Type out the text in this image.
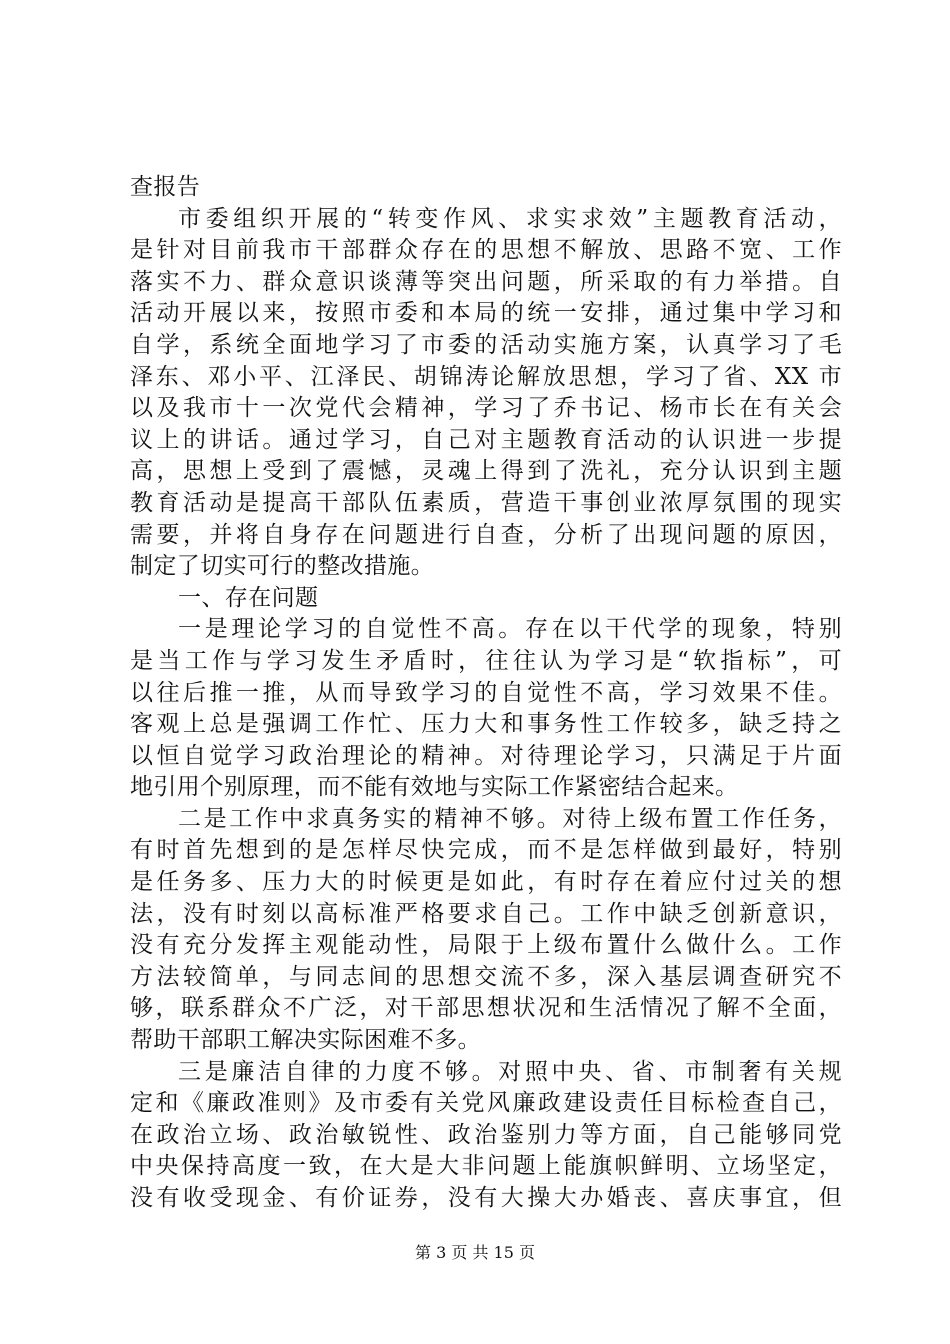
查报告
市委组织开展的“转变作风、求实求效”主题教育活动，
是针对目前我市干部群众存在的思想不解放、思路不宽、工作
落实不力、群众意识谈薄等突出问题，所采取的有力举措。自
活动开展以来，按照市委和本局的统一安排，通过集中学习和
自学，系统全面地学习了市委的活动实施方案，认真学习了毛
泽东、邓小平、江泽民、胡锦涛论解放思想，学习了省、XX 市
以及我市十一次党代会精神，学习了乔书记、杨市长在有关会
议上的讲话。通过学习，自己对主题教育活动的认识进一步提
高，思想上受到了震憾，灵魂上得到了洗礼，充分认识到主题
教育活动是提高干部队伍素质，营造干事创业浓厚氛围的现实
需要，并将自身存在问题进行自查，分析了出现问题的原因，
制定了切实可行的整改措施。
一、存在问题
一是理论学习的自觉性不高。存在以干代学的现象，特别
是当工作与学习发生矛盾时，往往认为学习是“软指标”，可
以往后推一推，从而导致学习的自觉性不高，学习效果不佳。
客观上总是强调工作忙、压力大和事务性工作较多，缺乏持之
以恒自觉学习政治理论的精神。对待理论学习，只满足于片面
地引用个别原理，而不能有效地与实际工作紧密结合起来。
二是工作中求真务实的精神不够。对待上级布置工作任务，
有时首先想到的是怎样尽快完成，而不是怎样做到最好，特别
是任务多、压力大的时候更是如此，有时存在着应付过关的想
法，没有时刻以高标准严格要求自己。工作中缺乏创新意识，
没有充分发挥主观能动性，局限于上级布置什么做什么。工作
方法较简单，与同志间的思想交流不多，深入基层调查研究不
够，联系群众不广泛，对干部思想状况和生活情况了解不全面，
帮助干部职工解决实际困难不多。
三是廉洁自律的力度不够。对照中央、省、市制奢有关规
定和《廉政准则》及市委有关党风廉政建设责任目标检查自己，
在政治立场、政治敏锐性、政治鉴别力等方面，自己能够同党
中央保持高度一致，在大是大非问题上能旗帜鲜明、立场坚定，
没有收受现金、有价证券，没有大操大办婚丧、喜庆事宜，但
第 3 页 共 15 页
